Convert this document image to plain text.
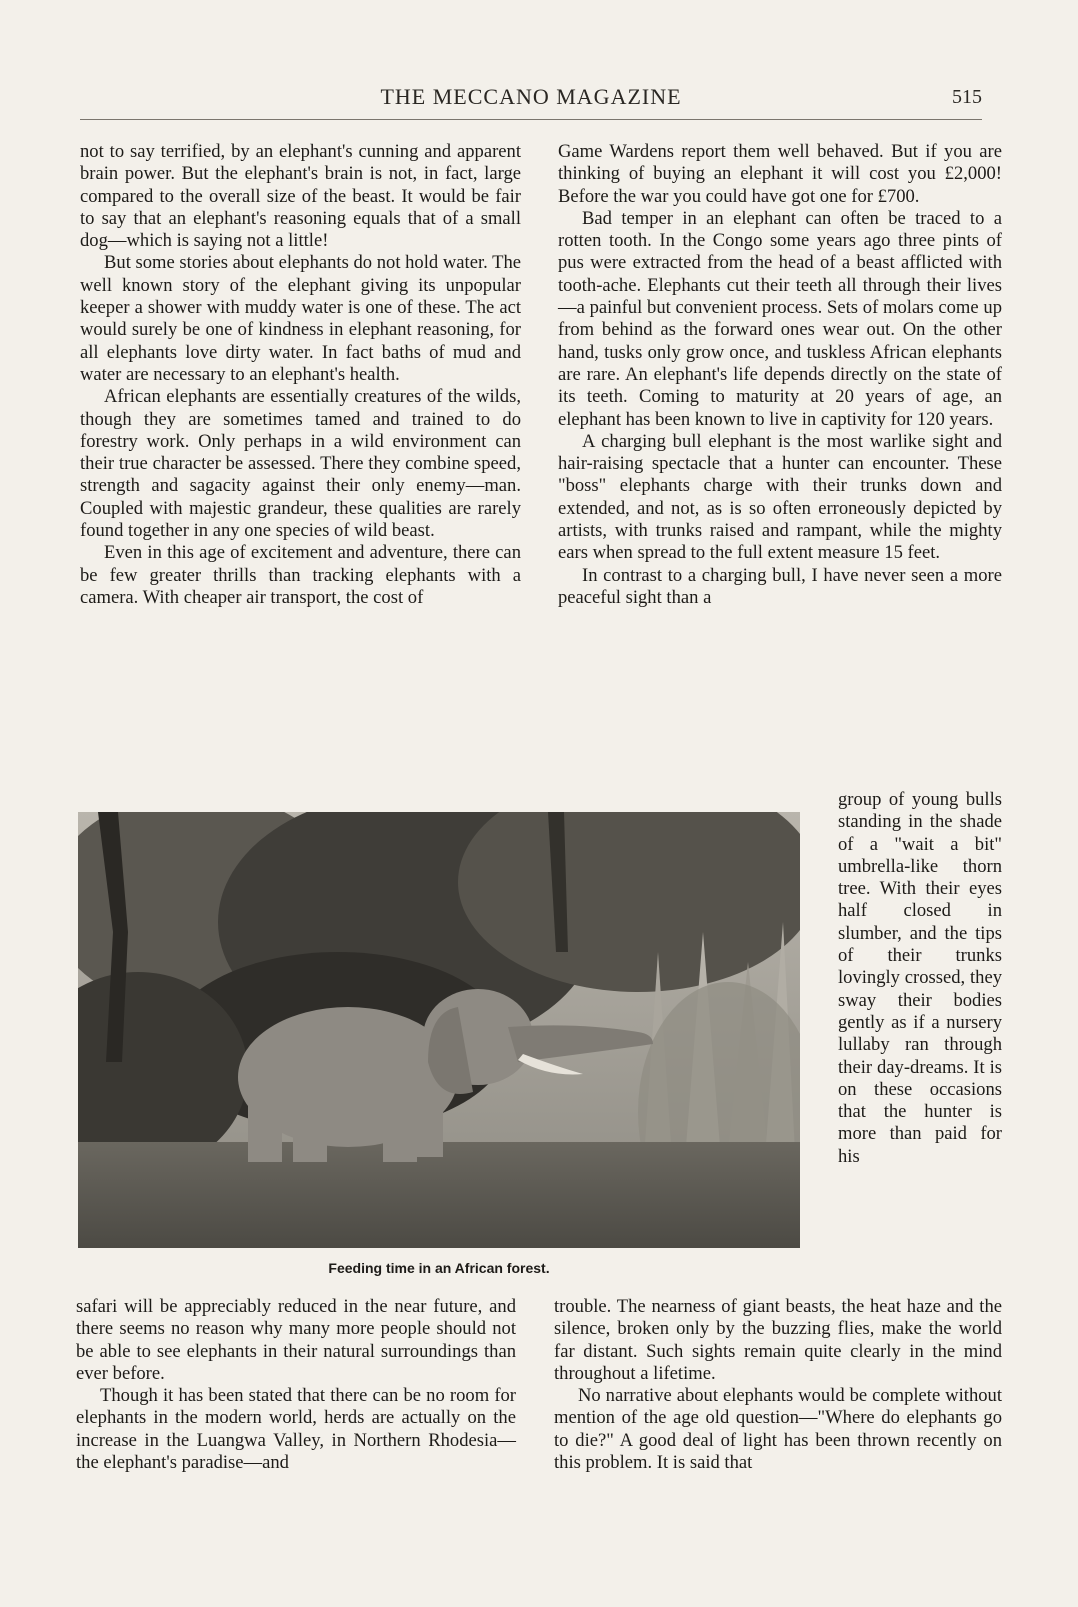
THE MECCANO MAGAZINE	515

not to say terrified, by an elephant's cunning and apparent brain power. But the elephant's brain is not, in fact, large compared to the overall size of the beast. It would be fair to say that an elephant's reasoning equals that of a small dog—which is saying not a little!

But some stories about elephants do not hold water. The well known story of the elephant giving its unpopular keeper a shower with muddy water is one of these. The act would surely be one of kindness in elephant reasoning, for all elephants love dirty water. In fact baths of mud and water are necessary to an elephant's health.

African elephants are essentially creatures of the wilds, though they are sometimes tamed and trained to do forestry work. Only perhaps in a wild environment can their true character be assessed. There they combine speed, strength and sagacity against their only enemy—man. Coupled with majestic grandeur, these qualities are rarely found together in any one species of wild beast.

Even in this age of excitement and adventure, there can be few greater thrills than tracking elephants with a camera. With cheaper air transport, the cost of

Game Wardens report them well behaved. But if you are thinking of buying an elephant it will cost you £2,000! Before the war you could have got one for £700.

Bad temper in an elephant can often be traced to a rotten tooth. In the Congo some years ago three pints of pus were extracted from the head of a beast afflicted with tooth-ache. Elephants cut their teeth all through their lives—a painful but convenient process. Sets of molars come up from behind as the forward ones wear out. On the other hand, tusks only grow once, and tuskless African elephants are rare. An elephant's life depends directly on the state of its teeth. Coming to maturity at 20 years of age, an elephant has been known to live in captivity for 120 years.

A charging bull elephant is the most warlike sight and hair-raising spectacle that a hunter can encounter. These "boss" elephants charge with their trunks down and extended, and not, as is so often erroneously depicted by artists, with trunks raised and rampant, while the mighty ears when spread to the full extent measure 15 feet.

In contrast to a charging bull, I have never seen a more peaceful sight than a

Feeding time in an African forest.

group of young bulls standing in the shade of a "wait a bit" umbrella-like thorn tree. With their eyes half closed in slumber, and the tips of their trunks lovingly crossed, they sway their bodies gently as if a nursery lullaby ran through their day-dreams. It is on these occasions that the hunter is more than paid for his

safari will be appreciably reduced in the near future, and there seems no reason why many more people should not be able to see elephants in their natural surroundings than ever before.

Though it has been stated that there can be no room for elephants in the modern world, herds are actually on the increase in the Luangwa Valley, in Northern Rhodesia—the elephant's paradise—and

trouble. The nearness of giant beasts, the heat haze and the silence, broken only by the buzzing flies, make the world far distant. Such sights remain quite clearly in the mind throughout a lifetime.

No narrative about elephants would be complete without mention of the age old question—"Where do elephants go to die?" A good deal of light has been thrown recently on this problem. It is said that
